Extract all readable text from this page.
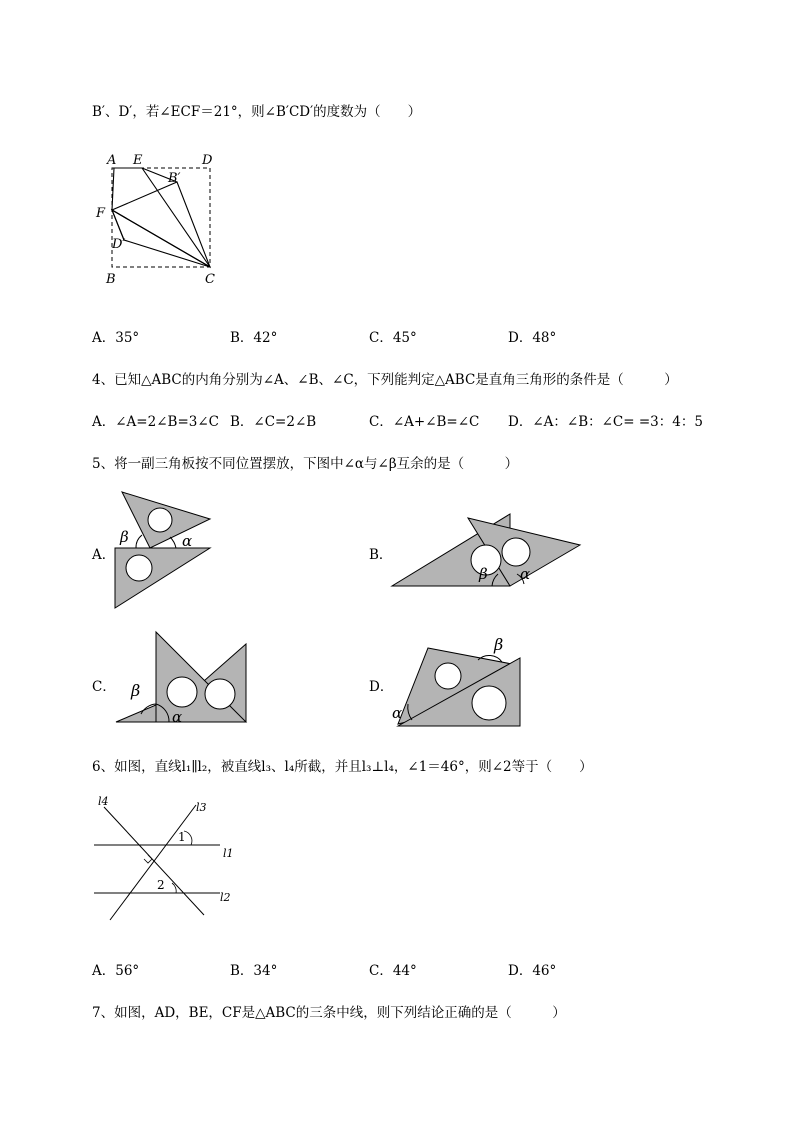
B′、D′，若∠ECF＝21°，则∠B′CD′的度数为（　　）
A E	D
B′
F
D′
B	C
A．35°	B．42°	C．45°	D．48°
4、已知△ABC的内角分别为∠A、∠B、∠C，下列能判定△ABC是直角三角形的条件是（　　　）
A．∠A=2∠B=3∠C B．∠C=2∠B	C．∠A+∠B=∠C D．∠A：∠B：∠C= =3：4：5
5、将一副三角板按不同位置摆放，下图中∠α与∠β互余的是（　　　）
A．
β	α
B．
β α
C． β
α
D．
β
α
6、如图，直线l₁∥l₂，被直线l₃、l₄所截，并且l₃⊥l₄，∠1＝46°，则∠2等于（　　）
l4	l3
1
l1
2
l2
A．56°	B．34°	C．44°	D．46°
7、如图，AD，BE，CF是△ABC的三条中线，则下列结论正确的是（　　　）
